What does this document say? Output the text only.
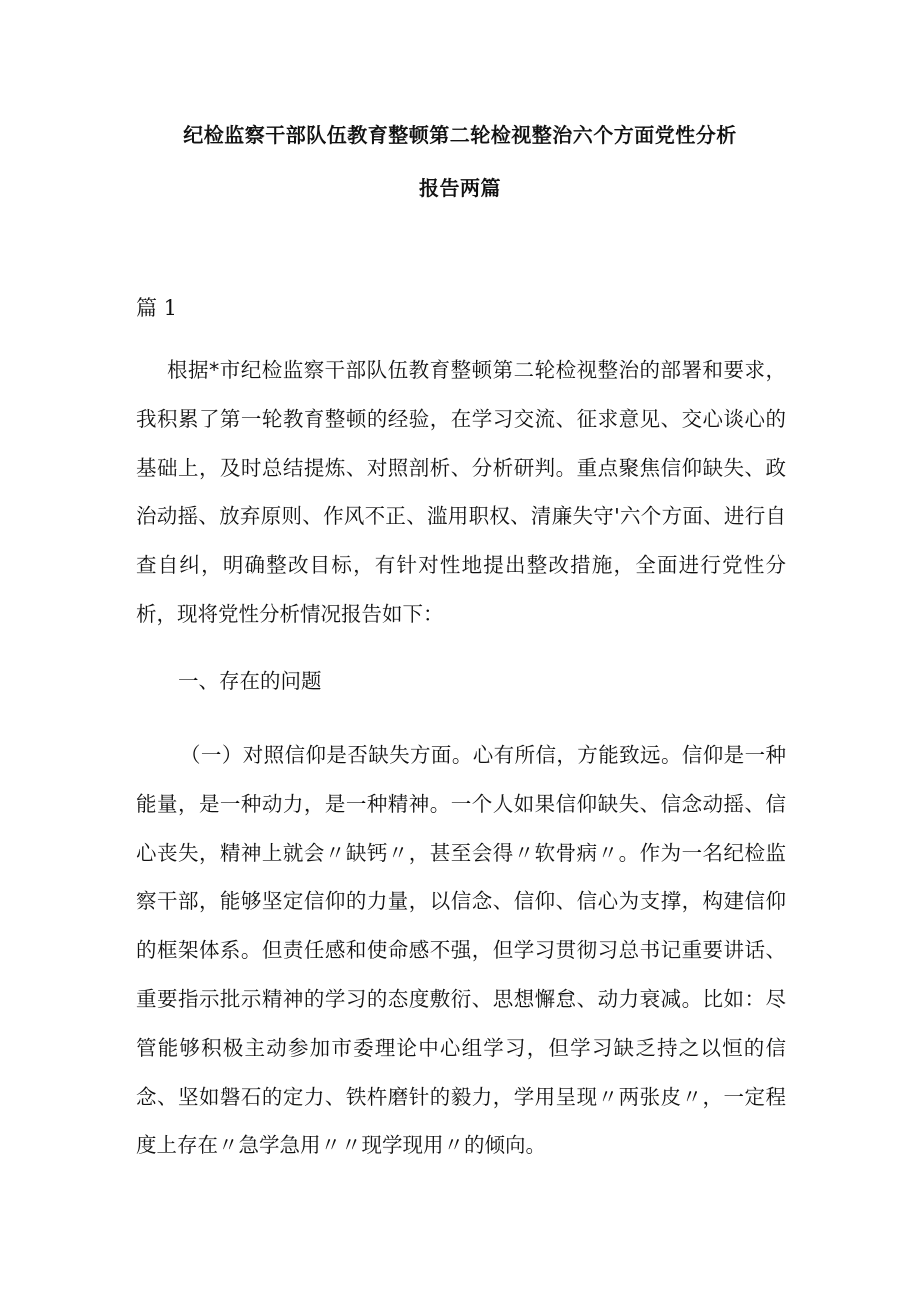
纪检监察干部队伍教育整顿第二轮检视整治六个方面党性分析
报告两篇
篇 1

根据*市纪检监察干部队伍教育整顿第二轮检视整治的部署和要求，我积累了第一轮教育整顿的经验，在学习交流、征求意见、交心谈心的基础上，及时总结提炼、对照剖析、分析研判。重点聚焦信仰缺失、政治动摇、放弃原则、作风不正、滥用职权、清廉失守'六个方面、进行自查自纠，明确整改目标，有针对性地提出整改措施，全面进行党性分析，现将党性分析情况报告如下：

一、存在的问题

（一）对照信仰是否缺失方面。心有所信，方能致远。信仰是一种能量，是一种动力，是一种精神。一个人如果信仰缺失、信念动摇、信心丧失，精神上就会〃缺钙〃，甚至会得〃软骨病〃。作为一名纪检监察干部，能够坚定信仰的力量，以信念、信仰、信心为支撑，构建信仰的框架体系。但责任感和使命感不强，但学习贯彻习总书记重要讲话、重要指示批示精神的学习的态度敷衍、思想懈怠、动力衰减。比如：尽管能够积极主动参加市委理论中心组学习，但学习缺乏持之以恒的信念、坚如磐石的定力、铁杵磨针的毅力，学用呈现〃两张皮〃，一定程度上存在〃急学急用〃〃现学现用〃的倾向。
